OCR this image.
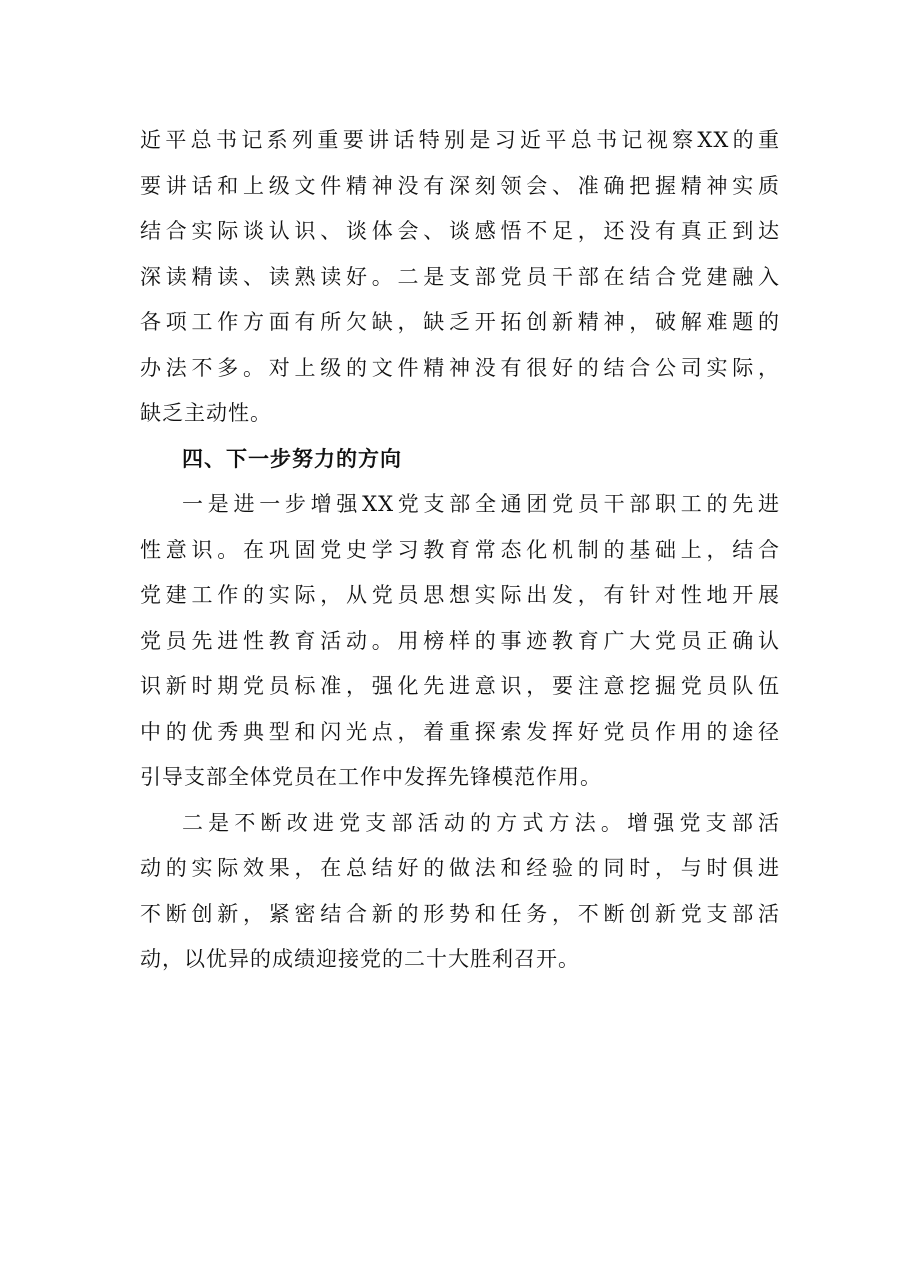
近平总书记系列重要讲话特别是习近平总书记视察XX的重

要讲话和上级文件精神没有深刻领会、准确把握精神实质

结合实际谈认识、谈体会、谈感悟不足，还没有真正到达

深读精读、读熟读好。二是支部党员干部在结合党建融入

各项工作方面有所欠缺，缺乏开拓创新精神，破解难题的

办法不多。对上级的文件精神没有很好的结合公司实际，

缺乏主动性。

四、下一步努力的方向

一是进一步增强XX党支部全通团党员干部职工的先进

性意识。在巩固党史学习教育常态化机制的基础上，结合

党建工作的实际，从党员思想实际出发，有针对性地开展

党员先进性教育活动。用榜样的事迹教育广大党员正确认

识新时期党员标准，强化先进意识，要注意挖掘党员队伍

中的优秀典型和闪光点，着重探索发挥好党员作用的途径

引导支部全体党员在工作中发挥先锋模范作用。

二是不断改进党支部活动的方式方法。增强党支部活

动的实际效果，在总结好的做法和经验的同时，与时俱进

不断创新，紧密结合新的形势和任务，不断创新党支部活

动，以优异的成绩迎接党的二十大胜利召开。
